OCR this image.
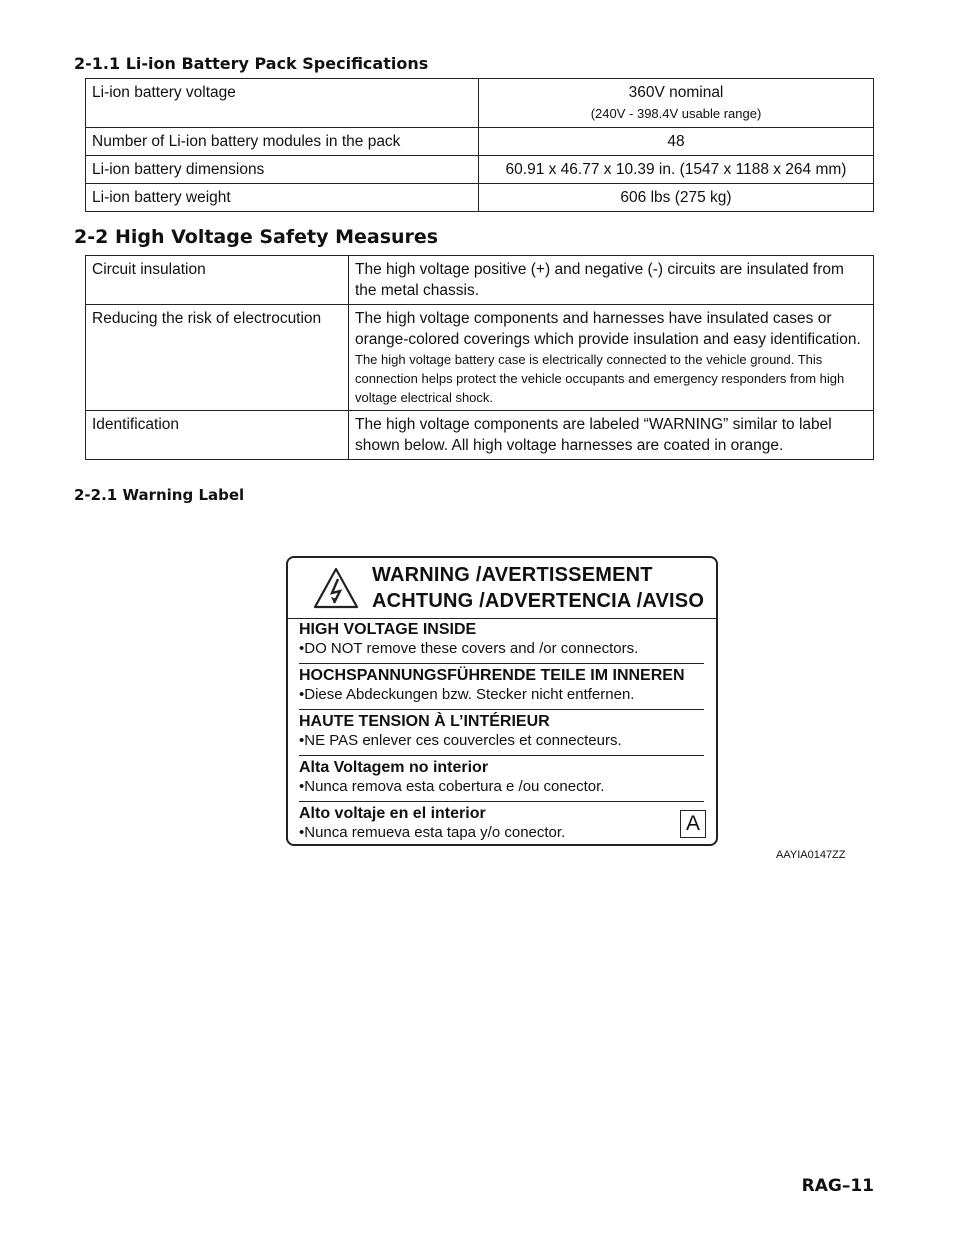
2-1.1 Li-ion Battery Pack Specifications
Li-ion battery voltage	360V nominal
(240V - 398.4V usable range)

Number of Li-ion battery modules in the pack	48
Li-ion battery dimensions	60.91 x 46.77 x 10.39 in. (1547 x 1188 x 264 mm)
Li-ion battery weight	606 lbs (275 kg)
2-2 High Voltage Safety Measures
Circuit insulation	The high voltage positive (+) and negative (-) circuits are insulated from the metal chassis.
Reducing the risk of electrocution	The high voltage components and harnesses have insulated cases or orange-colored coverings which provide insulation and easy identification.
The high voltage battery case is electrically connected to the vehicle ground. This connection helps protect the vehicle occupants and emergency responders from high voltage electrical shock.

Identification	The high voltage components are labeled “WARNING” similar to label shown below. All high voltage harnesses are coated in orange.
2-2.1 Warning Label
WARNING /AVERTISSEMENT
ACHTUNG /ADVERTENCIA /AVISO
HIGH VOLTAGE INSIDE
•DO NOT remove these covers and /or connectors.
HOCHSPANNUNGSFÜHRENDE TEILE IM INNEREN
•Diese Abdeckungen bzw. Stecker nicht entfernen.
HAUTE TENSION À L’INTÉRIEUR
•NE PAS enlever ces couvercles et connecteurs.
Alta Voltagem no interior
•Nunca remova esta cobertura e /ou conector.
Alto voltaje en el interior
•Nunca remueva esta tapa y/o conector.	A
AAYIA0147ZZ
RAG–11
